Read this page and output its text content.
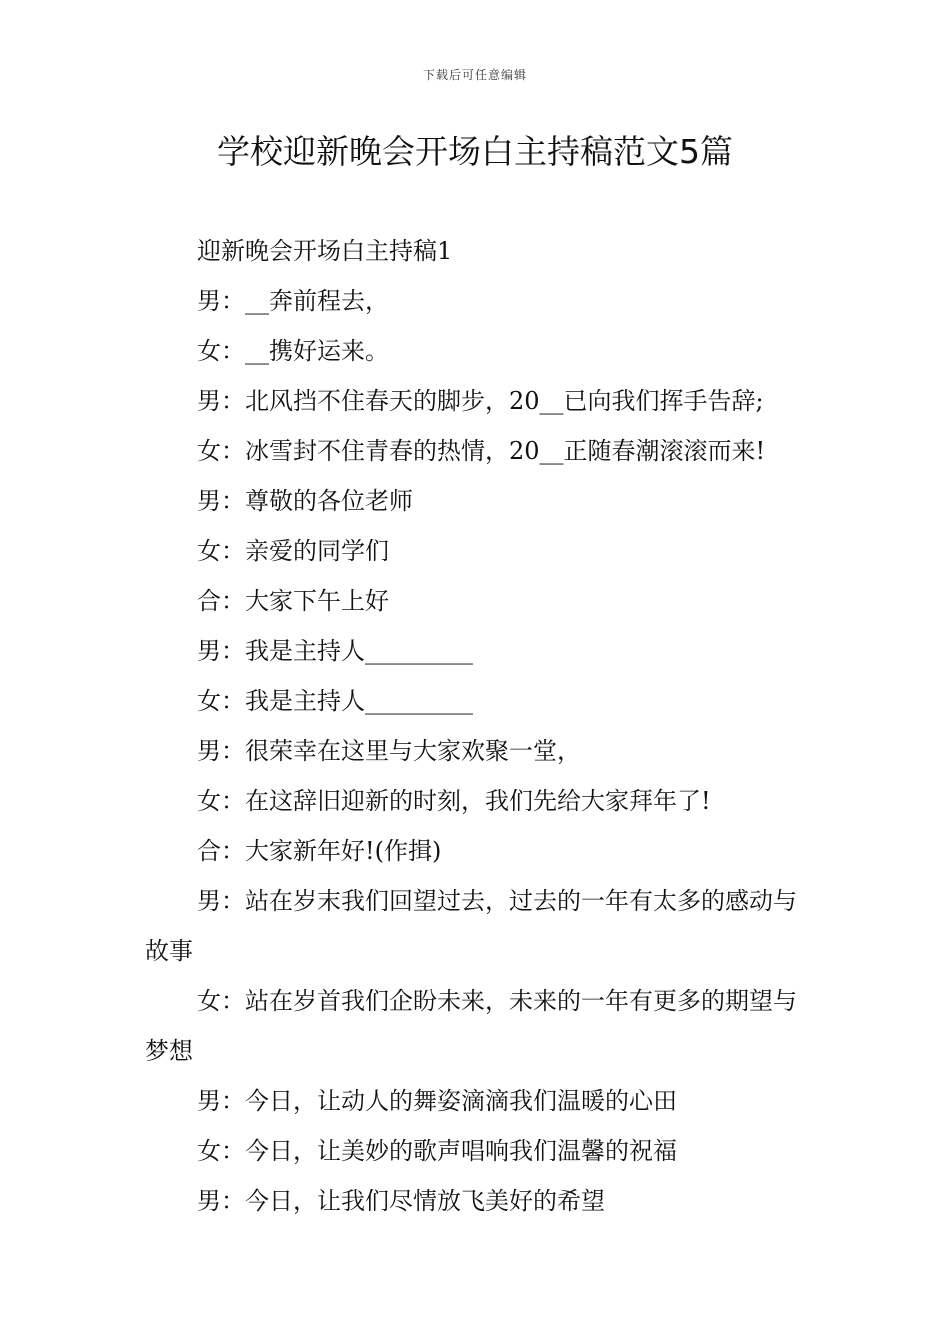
下载后可任意编辑
学校迎新晚会开场白主持稿范文5篇

迎新晚会开场白主持稿1

男：__奔前程去，

女：__携好运来。

男：北风挡不住春天的脚步，20__已向我们挥手告辞;

女：冰雪封不住青春的热情，20__正随春潮滚滚而来!

男：尊敬的各位老师

女：亲爱的同学们

合：大家下午上好

男：我是主持人_________

女：我是主持人_________

男：很荣幸在这里与大家欢聚一堂，

女：在这辞旧迎新的时刻，我们先给大家拜年了!

合：大家新年好!(作揖)

男：站在岁末我们回望过去，过去的一年有太多的感动与故事

女：站在岁首我们企盼未来，未来的一年有更多的期望与梦想

男：今日，让动人的舞姿滴滴我们温暖的心田

女：今日，让美妙的歌声唱响我们温馨的祝福

男：今日，让我们尽情放飞美好的希望
